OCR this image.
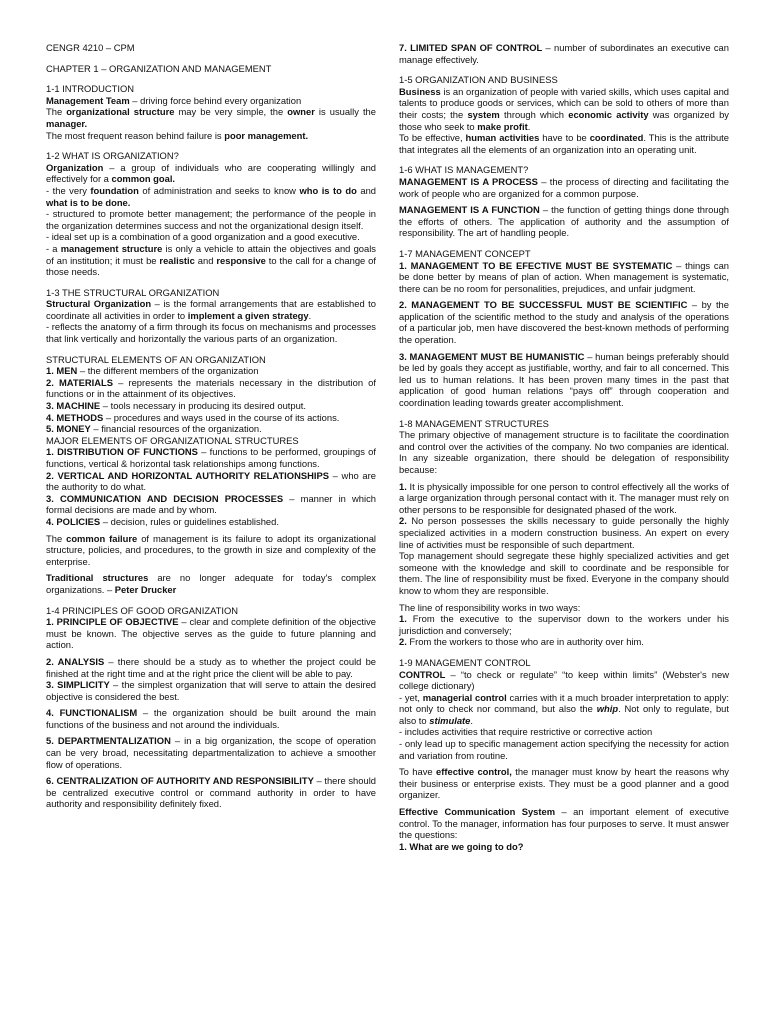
CENGR 4210 – CPM

CHAPTER 1 – ORGANIZATION AND MANAGEMENT

1-1 INTRODUCTION

Management Team – driving force behind every organization

The organizational structure may be very simple, the owner is usually the manager.

The most frequent reason behind failure is poor management.

1-2 WHAT IS ORGANIZATION?

Organization – a group of individuals who are cooperating willingly and effectively for a common goal.

- the very foundation of administration and seeks to know who is to do and what is to be done.

- structured to promote better management; the performance of the people in the organization determines success and not the organizational design itself.

- ideal set up is a combination of a good organization and a good executive.

- a management structure is only a vehicle to attain the objectives and goals of an institution; it must be realistic and responsive to the call for a change of those needs.

1-3 THE STRUCTURAL ORGANIZATION

Structural Organization – is the formal arrangements that are established to coordinate all activities in order to implement a given strategy.

- reflects the anatomy of a firm through its focus on mechanisms and processes that link vertically and horizontally the various parts of an organization.

STRUCTURAL ELEMENTS OF AN ORGANIZATION

1. MEN – the different members of the organization

2. MATERIALS – represents the materials necessary in the distribution of functions or in the attainment of its objectives.

3. MACHINE – tools necessary in producing its desired output.

4. METHODS – procedures and ways used in the course of its actions.

5. MONEY – financial resources of the organization.

MAJOR ELEMENTS OF ORGANIZATIONAL STRUCTURES

1. DISTRIBUTION OF FUNCTIONS – functions to be performed, groupings of functions, vertical & horizontal task relationships among functions.

2. VERTICAL AND HORIZONTAL AUTHORITY RELATIONSHIPS – who are the authority to do what.

3. COMMUNICATION AND DECISION PROCESSES – manner in which formal decisions are made and by whom.

4. POLICIES – decision, rules or guidelines established.

The common failure of management is its failure to adopt its organizational structure, policies, and procedures, to the growth in size and complexity of the enterprise.

Traditional structures are no longer adequate for today's complex organizations. – Peter Drucker

1-4 PRINCIPLES OF GOOD ORGANIZATION

1. PRINCIPLE OF OBJECTIVE – clear and complete definition of the objective must be known. The objective serves as the guide to future planning and action.

2. ANALYSIS – there should be a study as to whether the project could be finished at the right time and at the right price the client will be able to pay.

3. SIMPLICITY – the simplest organization that will serve to attain the desired objective is considered the best.

4. FUNCTIONALISM – the organization should be built around the main functions of the business and not around the individuals.

5. DEPARTMENTALIZATION – in a big organization, the scope of operation can be very broad, necessitating departmentalization to achieve a smoother flow of operations.

6. CENTRALIZATION OF AUTHORITY AND RESPONSIBILITY – there should be centralized executive control or command authority in order to have authority and responsibility definitely fixed.

7. LIMITED SPAN OF CONTROL – number of subordinates an executive can manage effectively.

1-5 ORGANIZATION AND BUSINESS

Business is an organization of people with varied skills, which uses capital and talents to produce goods or services, which can be sold to others of more than their costs; the system through which economic activity was organized by those who seek to make profit.

To be effective, human activities have to be coordinated. This is the attribute that integrates all the elements of an organization into an operating unit.

1-6 WHAT IS MANAGEMENT?

MANAGEMENT IS A PROCESS – the process of directing and facilitating the work of people who are organized for a common purpose.

MANAGEMENT IS A FUNCTION – the function of getting things done through the efforts of others. The application of authority and the assumption of responsibility. The art of handling people.

1-7 MANAGEMENT CONCEPT

1. MANAGEMENT TO BE EFECTIVE MUST BE SYSTEMATIC – things can be done better by means of plan of action. When management is systematic, there can be no room for personalities, prejudices, and unfair judgment.

2. MANAGEMENT TO BE SUCCESSFUL MUST BE SCIENTIFIC – by the application of the scientific method to the study and analysis of the operations of a particular job, men have discovered the best-known methods of performing the operation.

3. MANAGEMENT MUST BE HUMANISTIC – human beings preferably should be led by goals they accept as justifiable, worthy, and fair to all concerned. This led us to human relations. It has been proven many times in the past that application of good human relations “pays off” through cooperation and coordination leading towards greater accomplishment.

1-8 MANAGEMENT STRUCTURES

The primary objective of management structure is to facilitate the coordination and control over the activities of the company. No two companies are identical. In any sizeable organization, there should be delegation of responsibility because:

1. It is physically impossible for one person to control effectively all the works of a large organization through personal contact with it. The manager must rely on other persons to be responsible for designated phased of the work.

2. No person possesses the skills necessary to guide personally the highly specialized activities in a modern construction business. An expert on every line of activities must be responsible of such department.

Top management should segregate these highly specialized activities and get someone with the knowledge and skill to coordinate and be responsible for them. The line of responsibility must be fixed. Everyone in the company should know to whom they are responsible.

The line of responsibility works in two ways:

1. From the executive to the supervisor down to the workers under his jurisdiction and conversely;

2. From the workers to those who are in authority over him.

1-9 MANAGEMENT CONTROL

CONTROL – “to check or regulate” “to keep within limits” (Webster's new college dictionary)

- yet, managerial control carries with it a much broader interpretation to apply: not only to check nor command, but also the whip. Not only to regulate, but also to stimulate.

- includes activities that require restrictive or corrective action

- only lead up to specific management action specifying the necessity for action and variation from routine.

To have effective control, the manager must know by heart the reasons why their business or enterprise exists. They must be a good planner and a good organizer.

Effective Communication System – an important element of executive control. To the manager, information has four purposes to serve. It must answer the questions:

1. What are we going to do?
